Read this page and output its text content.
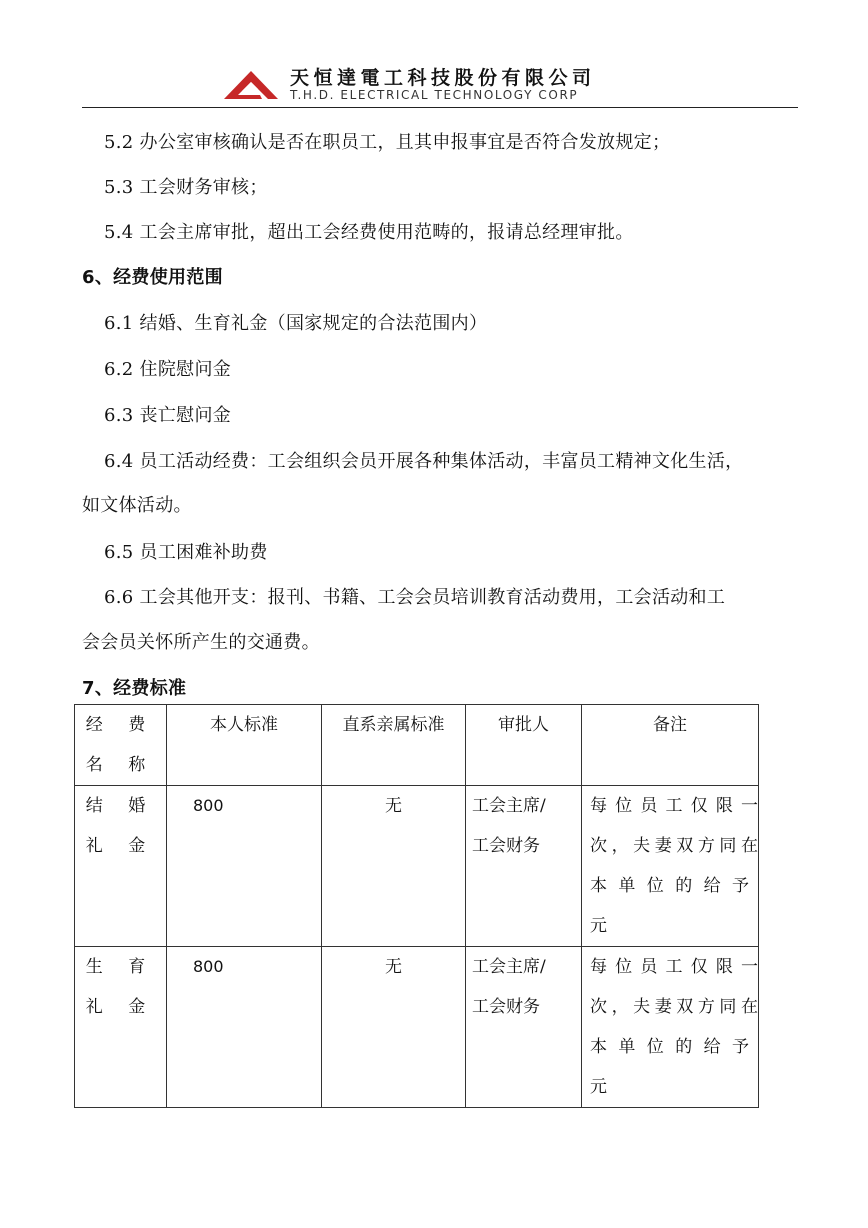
天恒達電工科技股份有限公司
T.H.D. ELECTRICAL TECHNOLOGY CORP
5.2 办公室审核确认是否在职员工，且其申报事宜是否符合发放规定；
5.3 工会财务审核；
5.4 工会主席审批，超出工会经费使用范畴的，报请总经理审批。
6、经费使用范围
6.1 结婚、生育礼金（国家规定的合法范围内）
6.2 住院慰问金
6.3 丧亡慰问金
6.4 员工活动经费：工会组织会员开展各种集体活动，丰富员工精神文化生活，
如文体活动。
6.5 员工困难补助费
6.6 工会其他开支：报刊、书籍、工会会员培训教育活动费用，工会活动和工
会会员关怀所产生的交通费。
7、经费标准
经 费
名 称	本人标准	直系亲属标准	审批人	备注

结 婚
礼 金	800	无	工会主席/
工会财务	每位员工仅限一
次，夫妻双方同在
本单位的给予
元

生 育
礼 金	800	无	工会主席/
工会财务	每位员工仅限一
次，夫妻双方同在
本单位的给予
元
